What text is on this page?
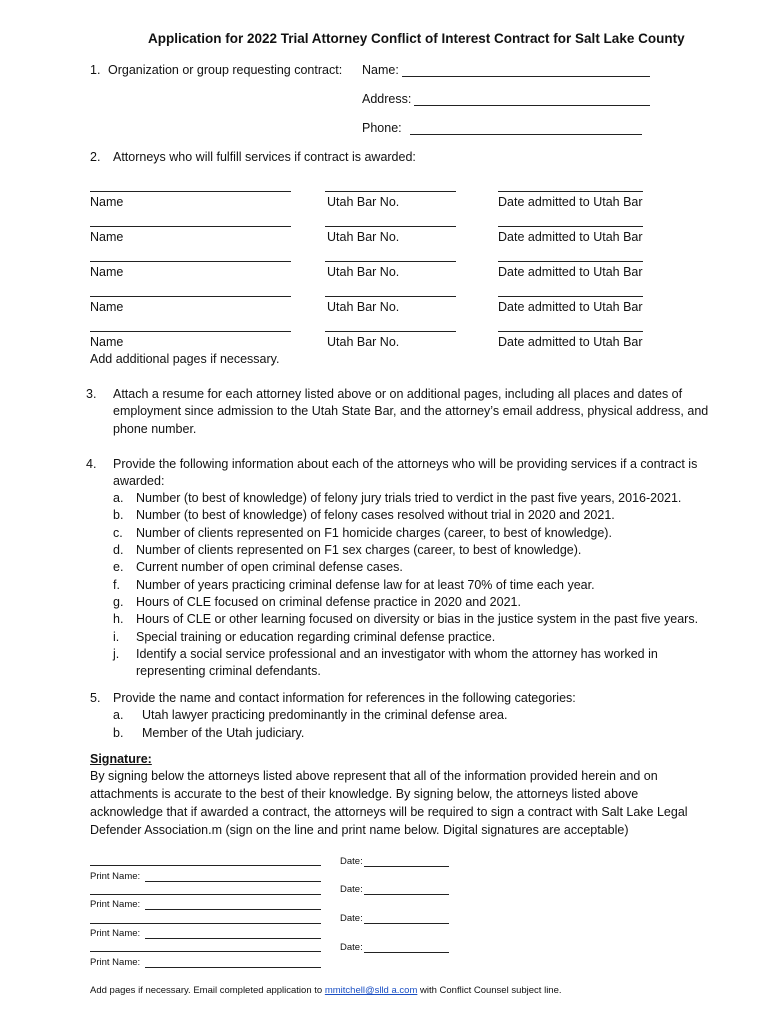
Application for 2022 Trial Attorney Conflict of Interest Contract for Salt Lake County
1. Organization or group requesting contract: Name:
Address:
Phone:
2. Attorneys who will fulfill services if contract is awarded:
Name	Utah Bar No.	Date admitted to Utah Bar
Name	Utah Bar No.	Date admitted to Utah Bar
Name	Utah Bar No.	Date admitted to Utah Bar
Name	Utah Bar No.	Date admitted to Utah Bar
Name	Utah Bar No.	Date admitted to Utah Bar
Add additional pages if necessary.
3. Attach a resume for each attorney listed above or on additional pages, including all places and dates of
employment since admission to the Utah State Bar, and the attorney’s email address, physical address, and
phone number.
4. Provide the following information about each of the attorneys who will be providing services if a contract is
awarded:
a. Number (to best of knowledge) of felony jury trials tried to verdict in the past five years, 2016-2021.
b. Number (to best of knowledge) of felony cases resolved without trial in 2020 and 2021.
c. Number of clients represented on F1 homicide charges (career, to best of knowledge).
d. Number of clients represented on F1 sex charges (career, to best of knowledge).
e. Current number of open criminal defense cases.
f. Number of years practicing criminal defense law for at least 70% of time each year.
g. Hours of CLE focused on criminal defense practice in 2020 and 2021.
h. Hours of CLE or other learning focused on diversity or bias in the justice system in the past five years.
i. Special training or education regarding criminal defense practice.
j. Identify a social service professional and an investigator with whom the attorney has worked in
representing criminal defendants.
5. Provide the name and contact information for references in the following categories:
a. Utah lawyer practicing predominantly in the criminal defense area.
b. Member of the Utah judiciary.
Signature:
By signing below the attorneys listed above represent that all of the information provided herein and on
attachments is accurate to the best of their knowledge. By signing below, the attorneys listed above
acknowledge that if awarded a contract, the attorneys will be required to sign a contract with Salt Lake Legal
Defender Association.m (sign on the line and print name below. Digital signatures are acceptable)
Date:
Print Name:
Date:
Print Name:
Date:
Print Name:
Date:
Print Name:
Add pages if necessary. Email completed application to mmitchell@slld a.com with Conflict Counsel subject line.
